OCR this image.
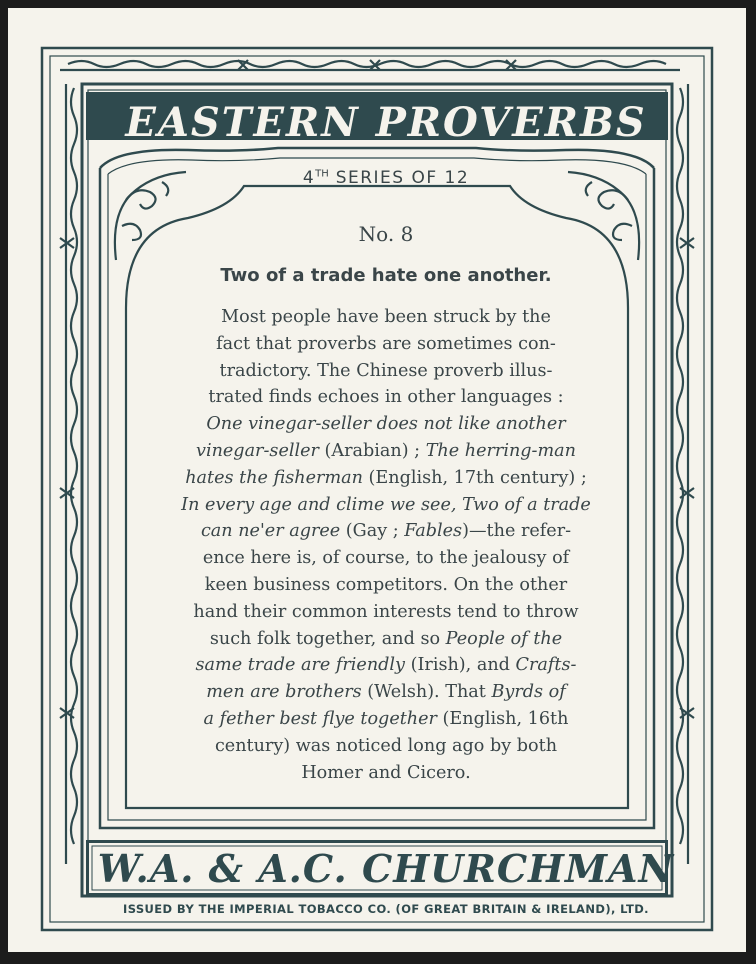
EASTERN PROVERBS
4TH SERIES OF 12
No. 8
Two of a trade hate one another.
Most people have been struck by the
fact that proverbs are sometimes con-
tradictory. The Chinese proverb illus-
trated finds echoes in other languages :
One vinegar-seller does not like another
vinegar-seller (Arabian) ; The herring-man
hates the fisherman (English, 17th century) ;
In every age and clime we see, Two of a trade
can ne'er agree (Gay ; Fables)—the refer-
ence here is, of course, to the jealousy of
keen business competitors. On the other
hand their common interests tend to throw
such folk together, and so People of the
same trade are friendly (Irish), and Crafts-
men are brothers (Welsh). That Byrds of
a fether best flye together (English, 16th
century) was noticed long ago by both
Homer and Cicero.
W.A. & A.C. CHURCHMAN
ISSUED BY THE IMPERIAL TOBACCO CO. (OF GREAT BRITAIN & IRELAND), LTD.
